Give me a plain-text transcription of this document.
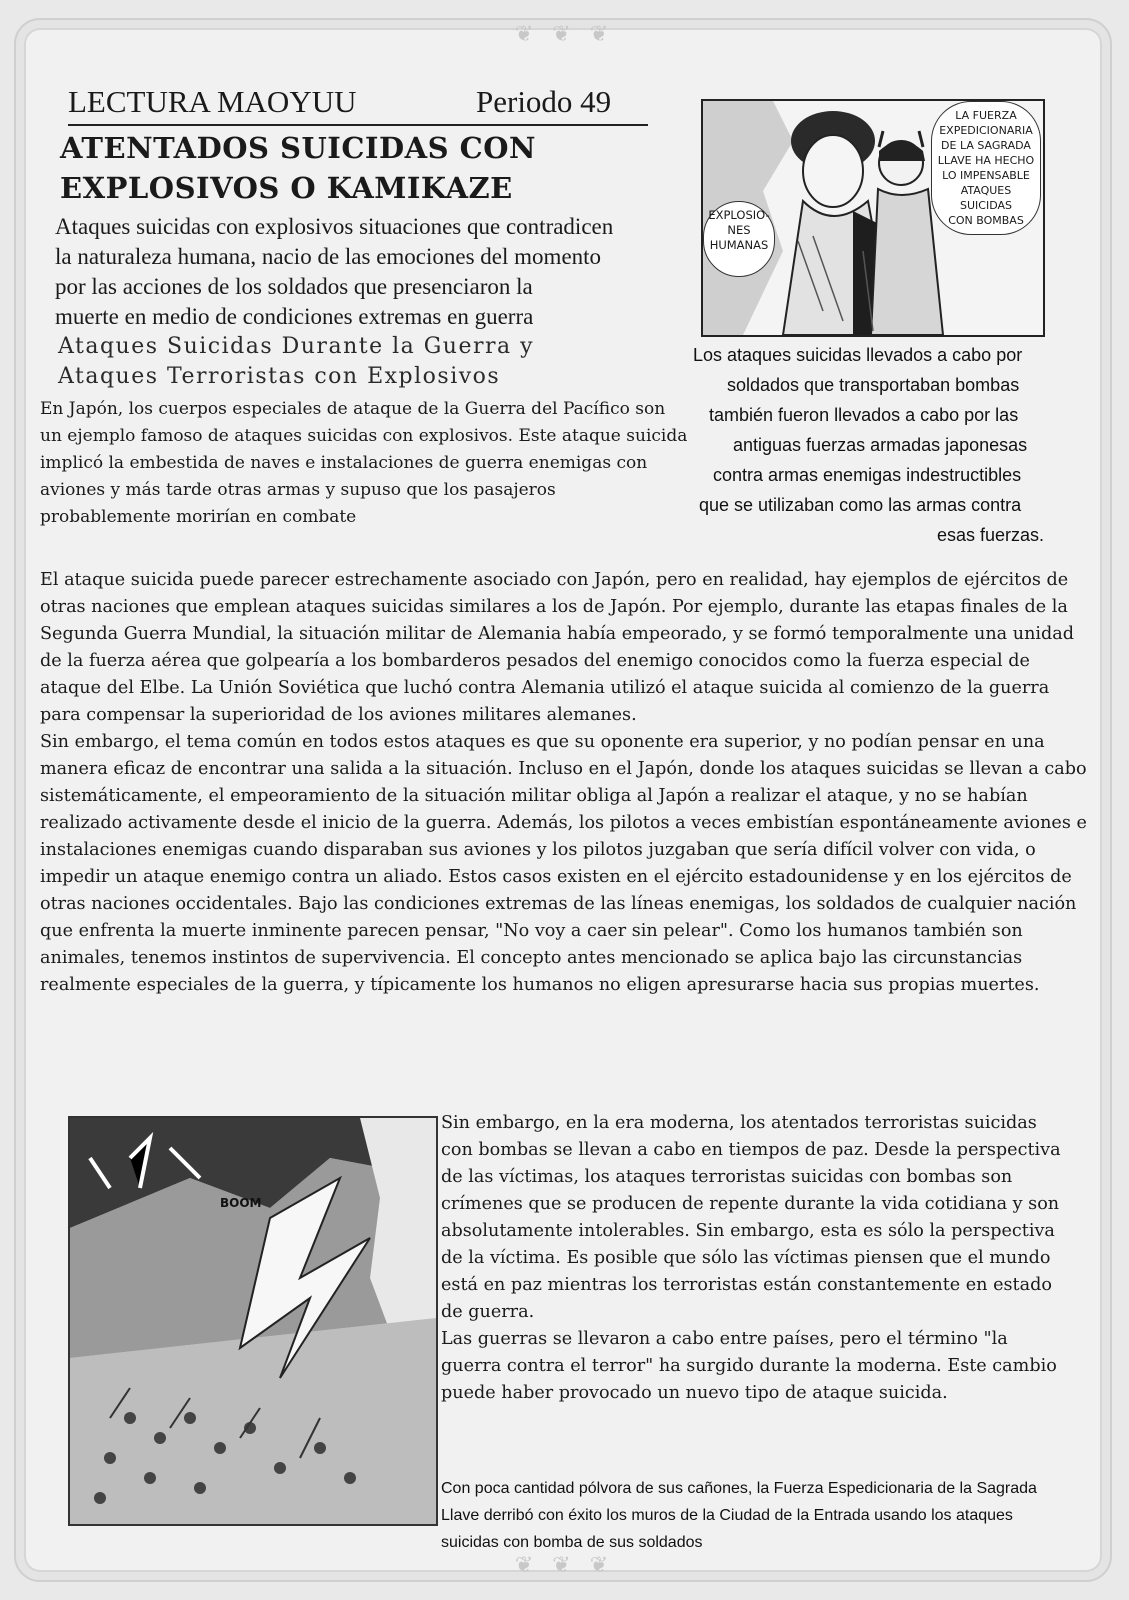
❦ ❦ ❦
❦ ❦ ❦
LECTURA MAOYUU	Periodo 49
ATENTADOS SUICIDAS CON
EXPLOSIVOS O KAMIKAZE
Ataques suicidas con explosivos situaciones que contradicen
la naturaleza humana, nacio de las emociones del momento
por las acciones de los soldados que presenciaron la
muerte en medio de condiciones extremas en guerra
Ataques Suicidas Durante la Guerra y
Ataques Terroristas con Explosivos

En Japón, los cuerpos especiales de ataque de la Guerra del Pacífico son un ejemplo famoso de ataques suicidas con explosivos. Este ataque suicida implicó la embestida de naves e instalaciones de guerra enemigas con aviones y más tarde otras armas y supuso que los pasajeros probablemente morirían en combate

EXPLOSIO-
NES
HUMANAS
LA FUERZA
EXPEDICIONARIA
DE LA SAGRADA
LLAVE HA HECHO
LO IMPENSABLE
ATAQUES
SUICIDAS
CON BOMBAS
Los ataques suicidas llevados a cabo por
soldados que transportaban bombas
también fueron llevados a cabo por las
antiguas fuerzas armadas japonesas
contra armas enemigas indestructibles
que se utilizaban como las armas contra
esas fuerzas.

El ataque suicida puede parecer estrechamente asociado con Japón, pero en realidad, hay ejemplos de ejércitos de otras naciones que emplean ataques suicidas similares a los de Japón. Por ejemplo, durante las etapas finales de la Segunda Guerra Mundial, la situación militar de Alemania había empeorado, y se formó temporalmente una unidad de la fuerza aérea que golpearía a los bombarderos pesados del enemigo conocidos como la fuerza especial de ataque del Elbe. La Unión Soviética que luchó contra Alemania utilizó el ataque suicida al comienzo de la guerra para compensar la superioridad de los aviones militares alemanes.

Sin embargo, el tema común en todos estos ataques es que su oponente era superior, y no podían pensar en una manera eficaz de encontrar una salida a la situación. Incluso en el Japón, donde los ataques suicidas se llevan a cabo sistemáticamente, el empeoramiento de la situación militar obliga al Japón a realizar el ataque, y no se habían realizado activamente desde el inicio de la guerra. Además, los pilotos a veces embistían espontáneamente aviones e instalaciones enemigas cuando disparaban sus aviones y los pilotos juzgaban que sería difícil volver con vida, o impedir un ataque enemigo contra un aliado. Estos casos existen en el ejército estadounidense y en los ejércitos de otras naciones occidentales. Bajo las condiciones extremas de las líneas enemigas, los soldados de cualquier nación que enfrenta la muerte inminente parecen pensar, "No voy a caer sin pelear". Como los humanos también son animales, tenemos instintos de supervivencia. El concepto antes mencionado se aplica bajo las circunstancias realmente especiales de la guerra, y típicamente los humanos no eligen apresurarse hacia sus propias muertes.

BOOM

Sin embargo, en la era moderna, los atentados terroristas suicidas con bombas se llevan a cabo en tiempos de paz. Desde la perspectiva de las víctimas, los ataques terroristas suicidas con bombas son crímenes que se producen de repente durante la vida cotidiana y son absolutamente intolerables. Sin embargo, esta es sólo la perspectiva de la víctima. Es posible que sólo las víctimas piensen que el mundo está en paz mientras los terroristas están constantemente en estado de guerra.

Las guerras se llevaron a cabo entre países, pero el término "la guerra contra el terror" ha surgido durante la moderna. Este cambio puede haber provocado un nuevo tipo de ataque suicida.

Con poca cantidad pólvora de sus cañones, la Fuerza Espedicionaria de la Sagrada
Llave derribó con éxito los muros de la Ciudad de la Entrada usando los ataques
suicidas con bomba de sus soldados
